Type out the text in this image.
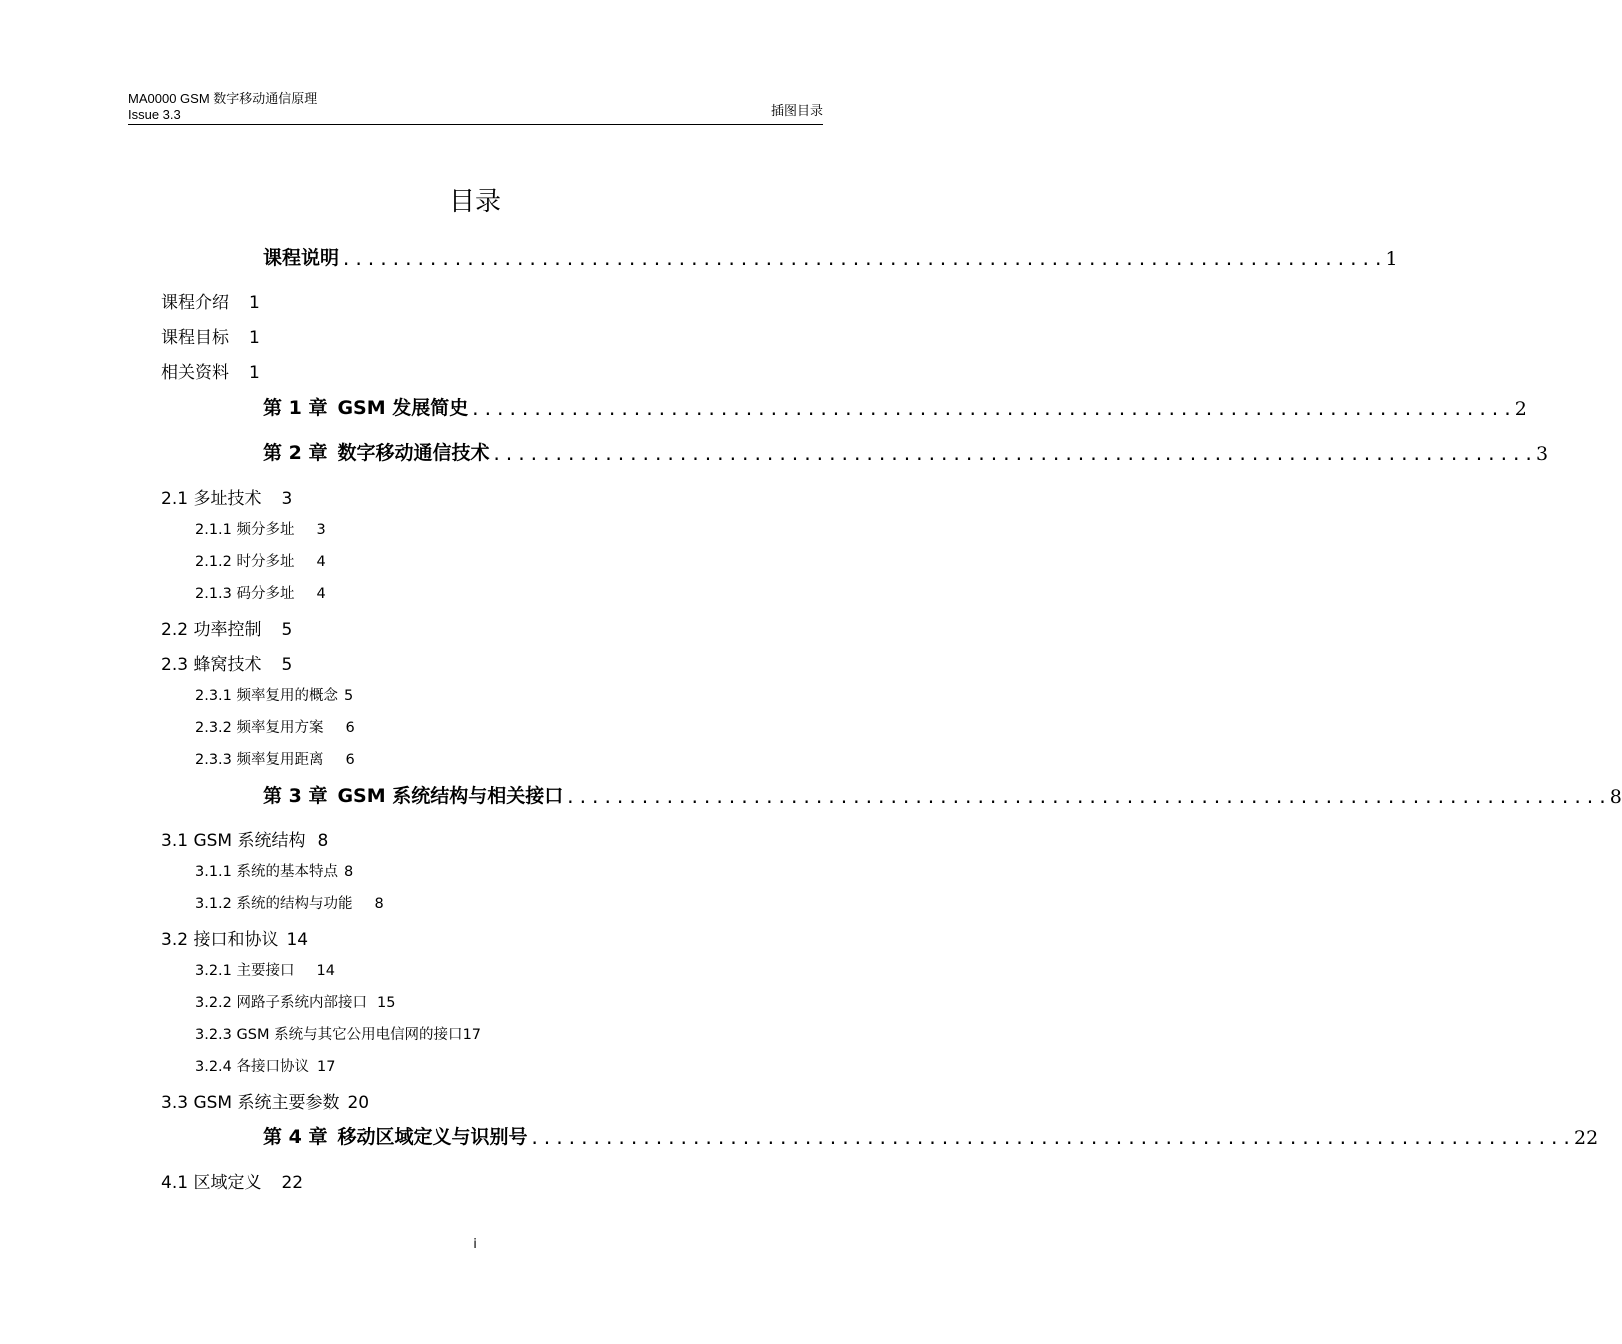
MA0000 GSM 数字移动通信原理
Issue 3.3	插图目录
目录
课程说明 .................................................................................... 1
课程介绍 1
课程目标 1
相关资料 1
第 1 章 GSM 发展简史 .................................................................................... 2
第 2 章 数字移动通信技术 .................................................................................... 3
2.1 多址技术 3
2.1.1 频分多址 3
2.1.2 时分多址 4
2.1.3 码分多址 4
2.2 功率控制 5
2.3 蜂窝技术 5
2.3.1 频率复用的概念 5
2.3.2 频率复用方案 6
2.3.3 频率复用距离 6
第 3 章 GSM 系统结构与相关接口 .................................................................................... 8
3.1 GSM 系统结构 8
3.1.1 系统的基本特点 8
3.1.2 系统的结构与功能 8
3.2 接口和协议 14
3.2.1 主要接口 14
3.2.2 网路子系统内部接口 15
3.2.3 GSM 系统与其它公用电信网的接口17
3.2.4 各接口协议 17
3.3 GSM 系统主要参数 20
第 4 章 移动区域定义与识别号 .................................................................................... 22
4.1 区域定义 22
i
